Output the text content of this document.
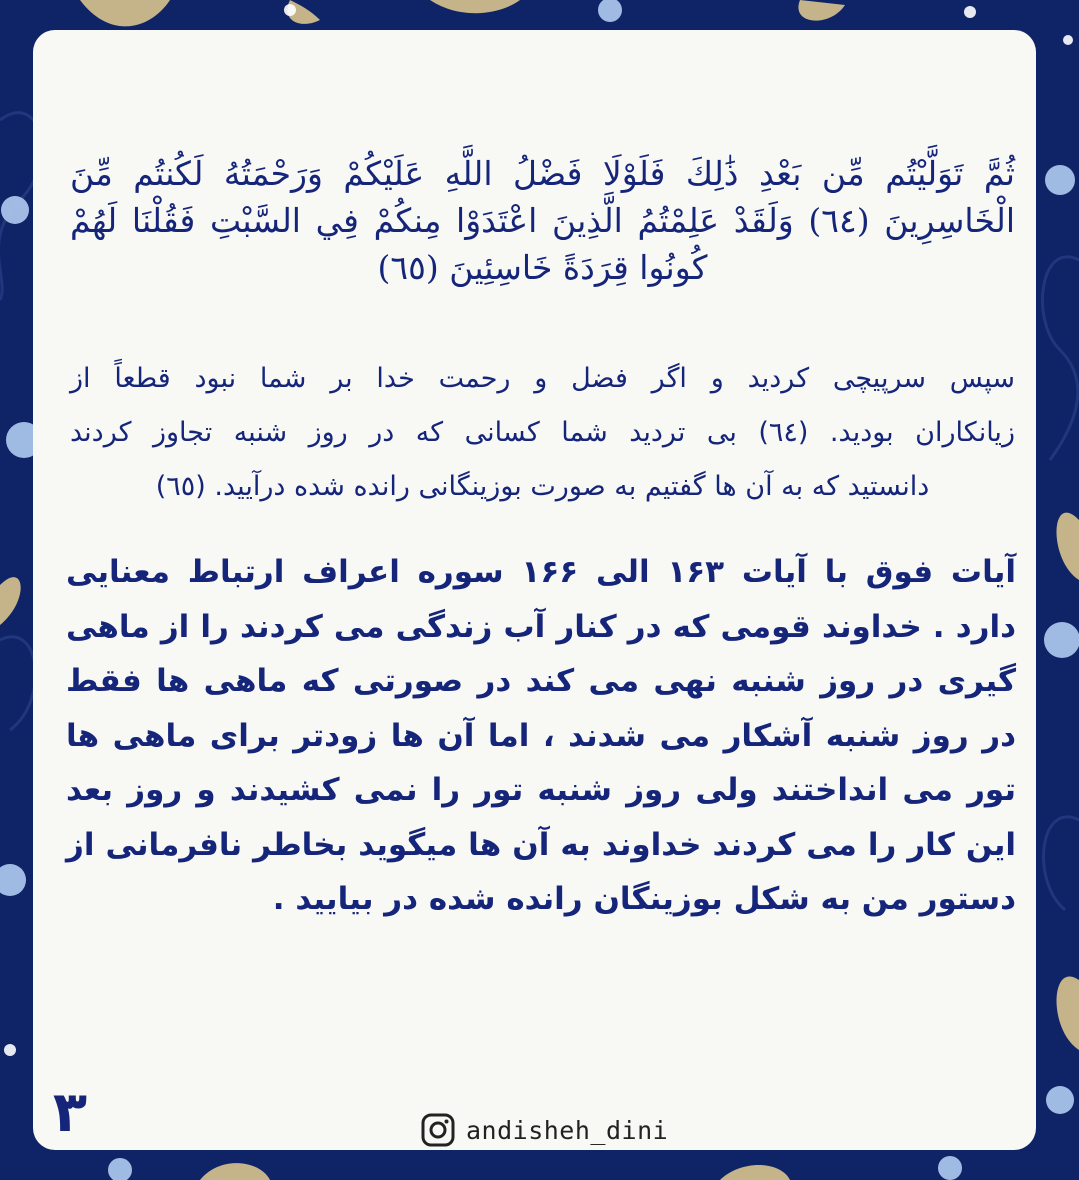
ثُمَّ تَوَلَّيْتُم مِّن بَعْدِ ذَٰلِكَ فَلَوْلَا فَضْلُ اللَّهِ عَلَيْكُمْ وَرَحْمَتُهُ لَكُنتُم مِّنَ الْخَاسِرِينَ (٦٤) وَلَقَدْ عَلِمْتُمُ الَّذِينَ اعْتَدَوْا مِنكُمْ فِي السَّبْتِ فَقُلْنَا لَهُمْ كُونُوا قِرَدَةً خَاسِئِينَ (٦٥)
سپس سرپیچی کردید و اگر فضل و رحمت خدا بر شما نبود قطعاً از
زیانکاران بودید. (٦٤) بی تردید شما کسانی که در روز شنبه تجاوز کردند
دانستید که به آن ها گفتیم به صورت بوزینگانی رانده شده درآیید. (٦٥)
آیات فوق با آیات ۱۶۳ الی ۱۶۶ سوره اعراف ارتباط معنایی دارد . خداوند قومی که در کنار آب زندگی می کردند را از ماهی گیری در روز شنبه نهی می کند در صورتی که ماهی ها فقط در روز شنبه آشکار می شدند ، اما آن ها زودتر برای ماهی ها تور می انداختند ولی روز شنبه تور را نمی کشیدند و روز بعد این کار را می کردند خداوند به آن ها میگوید بخاطر نافرمانی از دستور من به شکل بوزینگان رانده شده در بیایید .
۳	andisheh_dini
